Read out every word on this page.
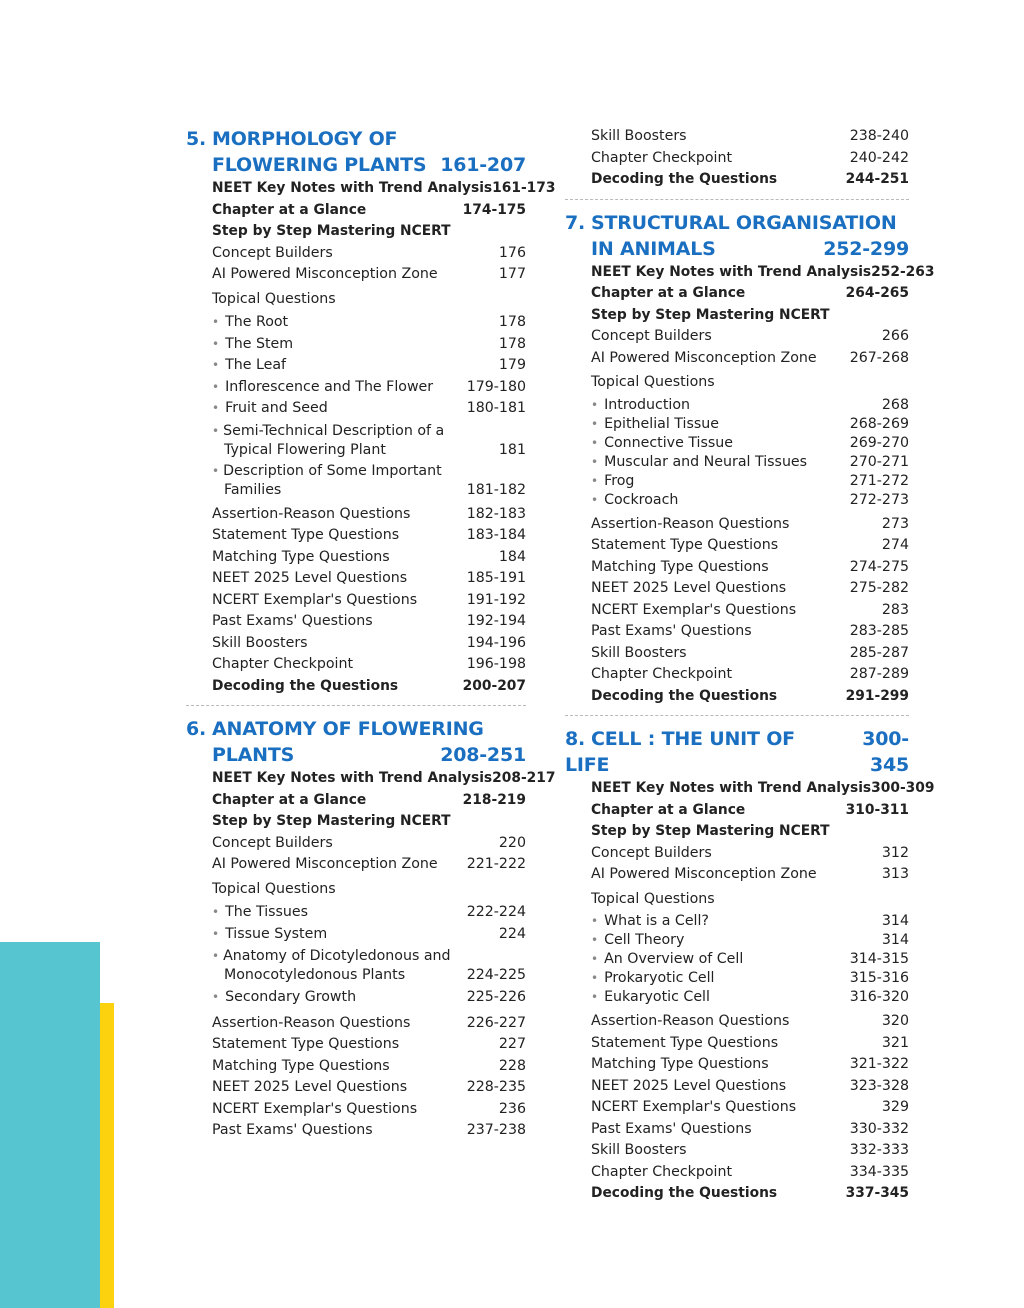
5. MORPHOLOGY OF
FLOWERING PLANTS 161-207
NEET Key Notes with Trend Analysis 161-173
Chapter at a Glance	174-175
Step by Step Mastering NCERT
Concept Builders	176
AI Powered Misconception Zone	177
Topical Questions
• The Root	178
• The Stem	178
• The Leaf	179
• Inflorescence and The Flower	179-180
• Fruit and Seed	180-181
• Semi-Technical Description of a Typical Flowering Plant	181
• Description of Some Important Families	181-182
Assertion-Reason Questions	182-183
Statement Type Questions	183-184
Matching Type Questions	184
NEET 2025 Level Questions	185-191
NCERT Exemplar's Questions	191-192
Past Exams' Questions	192-194
Skill Boosters	194-196
Chapter Checkpoint	196-198
Decoding the Questions	200-207
6. ANATOMY OF FLOWERING
PLANTS	208-251
NEET Key Notes with Trend Analysis 208-217
Chapter at a Glance	218-219
Step by Step Mastering NCERT
Concept Builders	220
AI Powered Misconception Zone	221-222
Topical Questions
• The Tissues	222-224
• Tissue System	224
• Anatomy of Dicotyledonous and Monocotyledonous Plants	224-225
• Secondary Growth	225-226
Assertion-Reason Questions	226-227
Statement Type Questions	227
Matching Type Questions	228
NEET 2025 Level Questions	228-235
NCERT Exemplar's Questions	236
Past Exams' Questions	237-238
Skill Boosters	238-240
Chapter Checkpoint	240-242
Decoding the Questions	244-251
7. STRUCTURAL ORGANISATION
IN ANIMALS	252-299
NEET Key Notes with Trend Analysis 252-263
Chapter at a Glance	264-265
Step by Step Mastering NCERT
Concept Builders	266
AI Powered Misconception Zone	267-268
Topical Questions
• Introduction	268
• Epithelial Tissue	268-269
• Connective Tissue	269-270
• Muscular and Neural Tissues	270-271
• Frog	271-272
• Cockroach	272-273
Assertion-Reason Questions	273
Statement Type Questions	274
Matching Type Questions	274-275
NEET 2025 Level Questions	275-282
NCERT Exemplar's Questions	283
Past Exams' Questions	283-285
Skill Boosters	285-287
Chapter Checkpoint	287-289
Decoding the Questions	291-299
8. CELL : THE UNIT OF LIFE
300-345
NEET Key Notes with Trend Analysis 300-309
Chapter at a Glance	310-311
Step by Step Mastering NCERT
Concept Builders	312
AI Powered Misconception Zone	313
Topical Questions
• What is a Cell?	314
• Cell Theory	314
• An Overview of Cell	314-315
• Prokaryotic Cell	315-316
• Eukaryotic Cell	316-320
Assertion-Reason Questions	320
Statement Type Questions	321
Matching Type Questions	321-322
NEET 2025 Level Questions	323-328
NCERT Exemplar's Questions	329
Past Exams' Questions	330-332
Skill Boosters	332-333
Chapter Checkpoint	334-335
Decoding the Questions	337-345
